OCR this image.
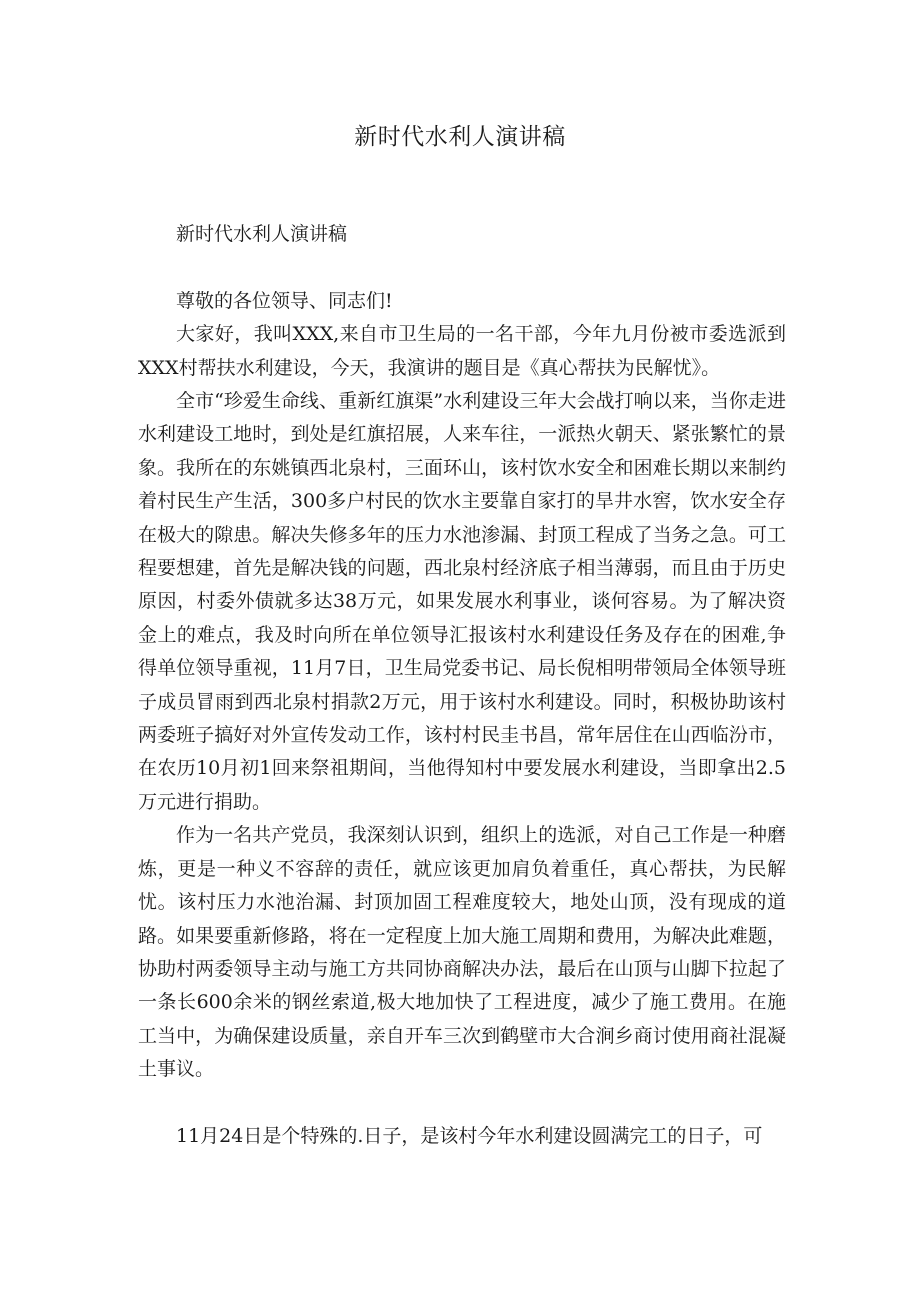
新时代水利人演讲稿

新时代水利人演讲稿

尊敬的各位领导、同志们!

大家好，我叫XXX,来自市卫生局的一名干部，今年九月份被市委选派到XXX村帮扶水利建设，今天，我演讲的题目是《真心帮扶为民解忧》。

全市“珍爱生命线、重新红旗渠”水利建设三年大会战打响以来，当你走进水利建设工地时，到处是红旗招展，人来车往，一派热火朝天、紧张繁忙的景象。我所在的东姚镇西北泉村，三面环山，该村饮水安全和困难长期以来制约着村民生产生活，300多户村民的饮水主要靠自家打的旱井水窖，饮水安全存在极大的隙患。解决失修多年的压力水池渗漏、封顶工程成了当务之急。可工程要想建，首先是解决钱的问题，西北泉村经济底子相当薄弱，而且由于历史原因，村委外债就多达38万元，如果发展水利事业，谈何容易。为了解决资金上的难点，我及时向所在单位领导汇报该村水利建设任务及存在的困难,争得单位领导重视，11月7日，卫生局党委书记、局长倪相明带领局全体领导班子成员冒雨到西北泉村捐款2万元，用于该村水利建设。同时，积极协助该村两委班子搞好对外宣传发动工作，该村村民圭书昌，常年居住在山西临汾市，在农历10月初1回来祭祖期间，当他得知村中要发展水利建设，当即拿出2.5万元进行捐助。

作为一名共产党员，我深刻认识到，组织上的选派，对自己工作是一种磨炼，更是一种义不容辞的责任，就应该更加肩负着重任，真心帮扶，为民解忧。该村压力水池治漏、封顶加固工程难度较大，地处山顶，没有现成的道路。如果要重新修路，将在一定程度上加大施工周期和费用，为解决此难题，协助村两委领导主动与施工方共同协商解决办法，最后在山顶与山脚下拉起了一条长600余米的钢丝索道,极大地加快了工程进度，减少了施工费用。在施工当中，为确保建设质量，亲自开车三次到鹤壁市大合涧乡商讨使用商社混凝土事议。

11月24日是个特殊的.日子，是该村今年水利建设圆满完工的日子，可
